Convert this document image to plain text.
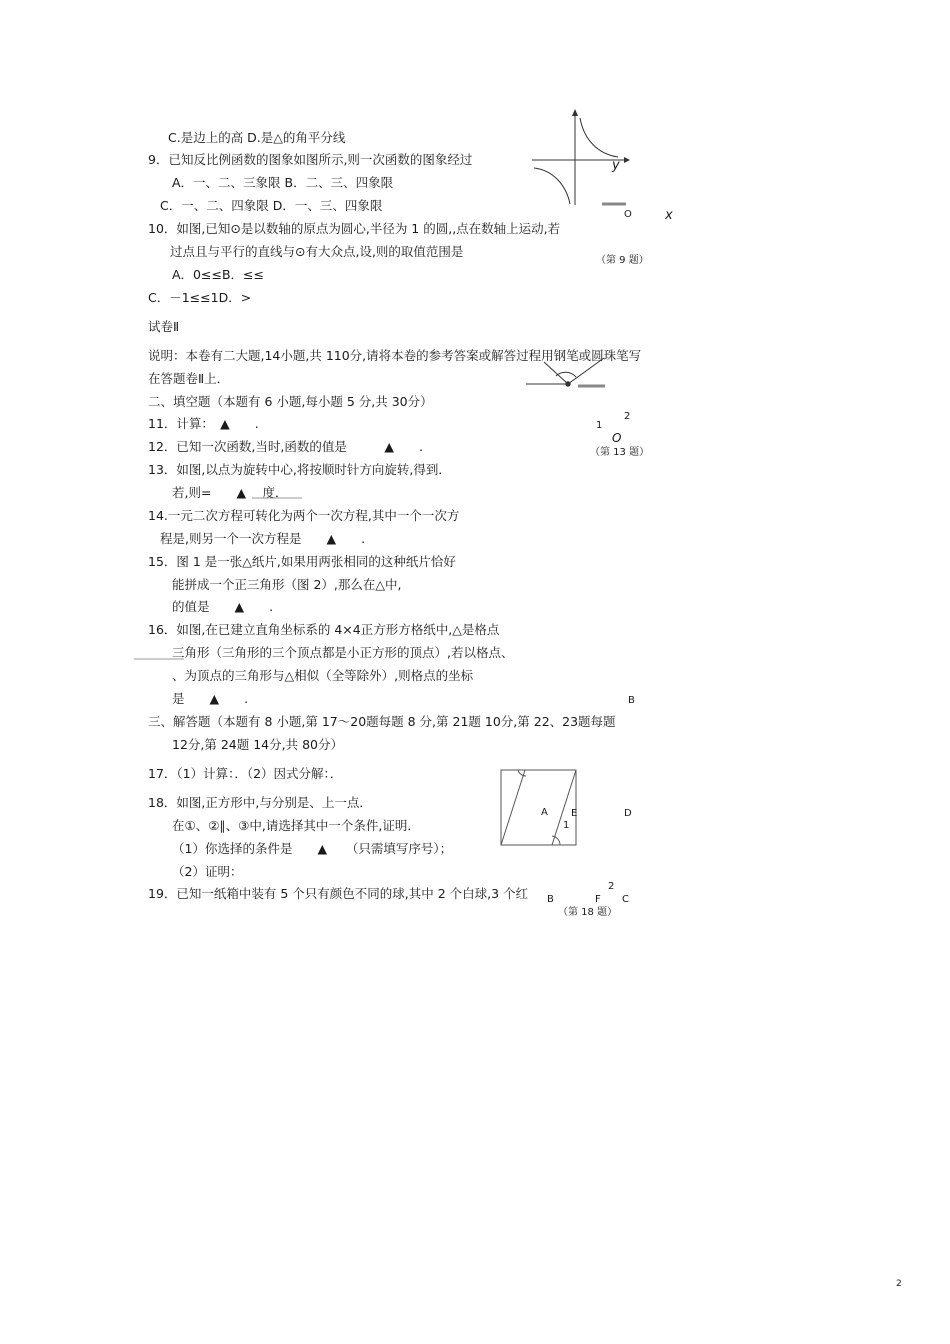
C.是边上的高 D.是△的角平分线
9．已知反比例函数的图象如图所示,则一次函数的图象经过
A．一、二、三象限 B．二、三、四象限
C．一、二、四象限 D．一、三、四象限
10．如图,已知⊙是以数轴的原点为圆心,半径为 1 的圆,,点在数轴上运动,若
过点且与平行的直线与⊙有大众点,设,则的取值范围是
A．0≤≤B．≤≤
C．－1≤≤1D．>
试卷Ⅱ
说明：本卷有二大题,14小题,共 110分,请将本卷的参考答案或解答过程用钢笔或圆珠笔写
在答题卷Ⅱ上．
二、填空题（本题有 6 小题,每小题 5 分,共 30分）
11．计算：　▲　　.
12．已知一次函数,当时,函数的值是　　　▲　　.
13．如图,以点为旋转中心,将按顺时针方向旋转,得到．
若,则=　　▲　 度．
14.一元二次方程可转化为两个一次方程,其中一个一次方
程是,则另一个一次方程是　　▲　　.
15．图 1 是一张△纸片,如果用两张相同的这种纸片恰好
能拼成一个正三角形（图 2）,那么在△中,
的值是　　▲　　.
16．如图,在已建立直角坐标系的 4×4正方形方格纸中,△是格点
三角形（三角形的三个顶点都是小正方形的顶点）,若以格点、
、为顶点的三角形与△相似（全等除外）,则格点的坐标
是　　▲　　.
三、解答题（本题有 8 小题,第 17～20题每题 8 分,第 21题 10分,第 22、23题每题
12分,第 24题 14分,共 80分）
17．（1）计算：．（2）因式分解：．
18．如图,正方形中,与分别是、上一点．
在①、②∥、③中,请选择其中一个条件,证明．
（1）你选择的条件是　　▲　　（只需填写序号）；
（2）证明：
19．已知一纸箱中装有 5 个只有颜色不同的球,其中 2 个白球,3 个红
y
O	x
（第 9 题）
2
1
O
（第 13 题）
B
A E	D
1
2
B	F C
（第 18 题）
2
